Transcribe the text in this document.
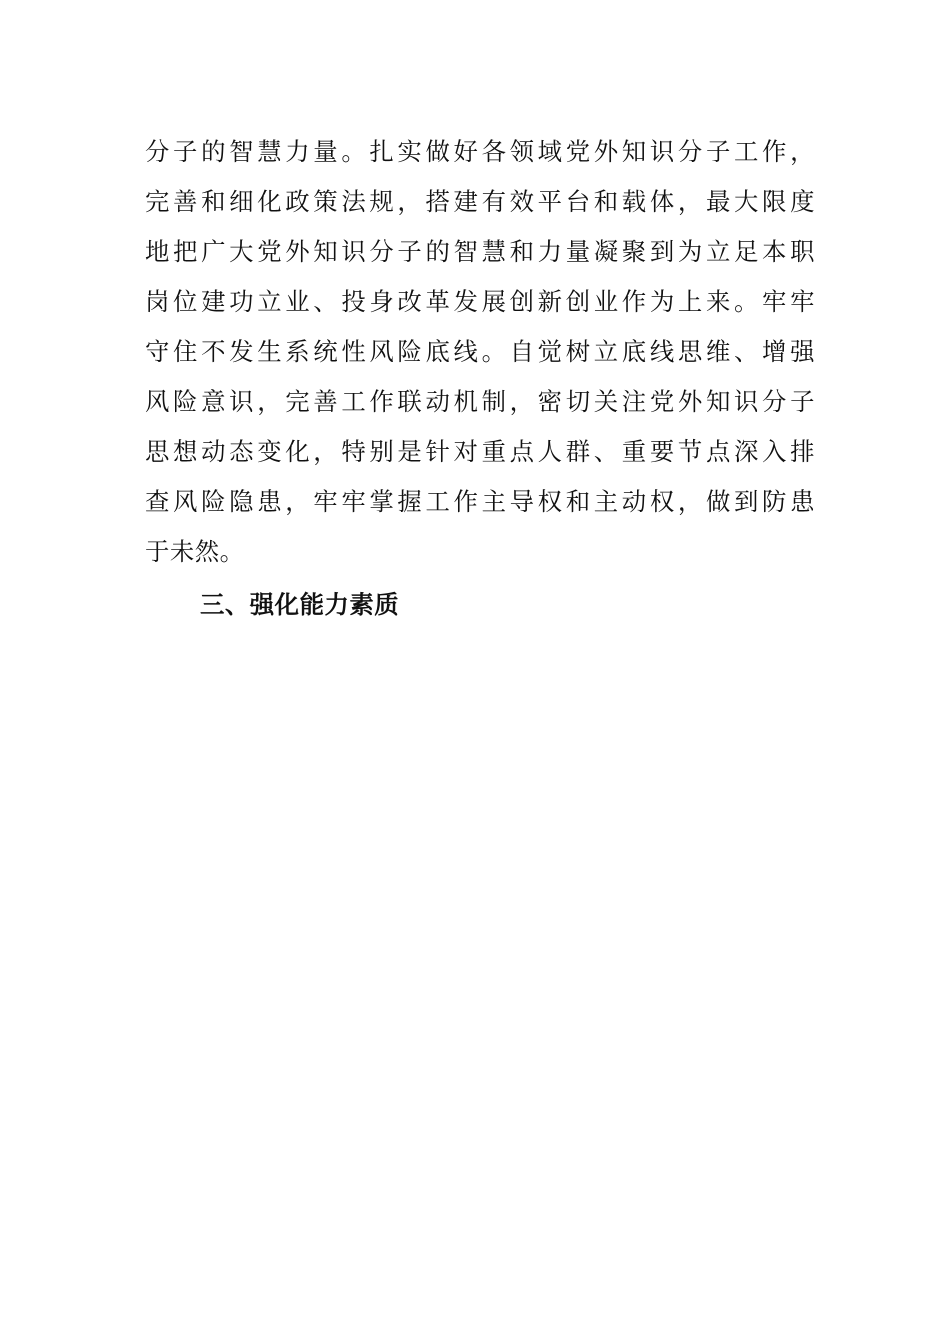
分子的智慧力量。扎实做好各领域党外知识分子工作，
完善和细化政策法规，搭建有效平台和载体，最大限度
地把广大党外知识分子的智慧和力量凝聚到为立足本职
岗位建功立业、投身改革发展创新创业作为上来。牢牢
守住不发生系统性风险底线。自觉树立底线思维、增强
风险意识，完善工作联动机制，密切关注党外知识分子
思想动态变化，特别是针对重点人群、重要节点深入排
查风险隐患，牢牢掌握工作主导权和主动权，做到防患
于未然。
三、强化能力素质
